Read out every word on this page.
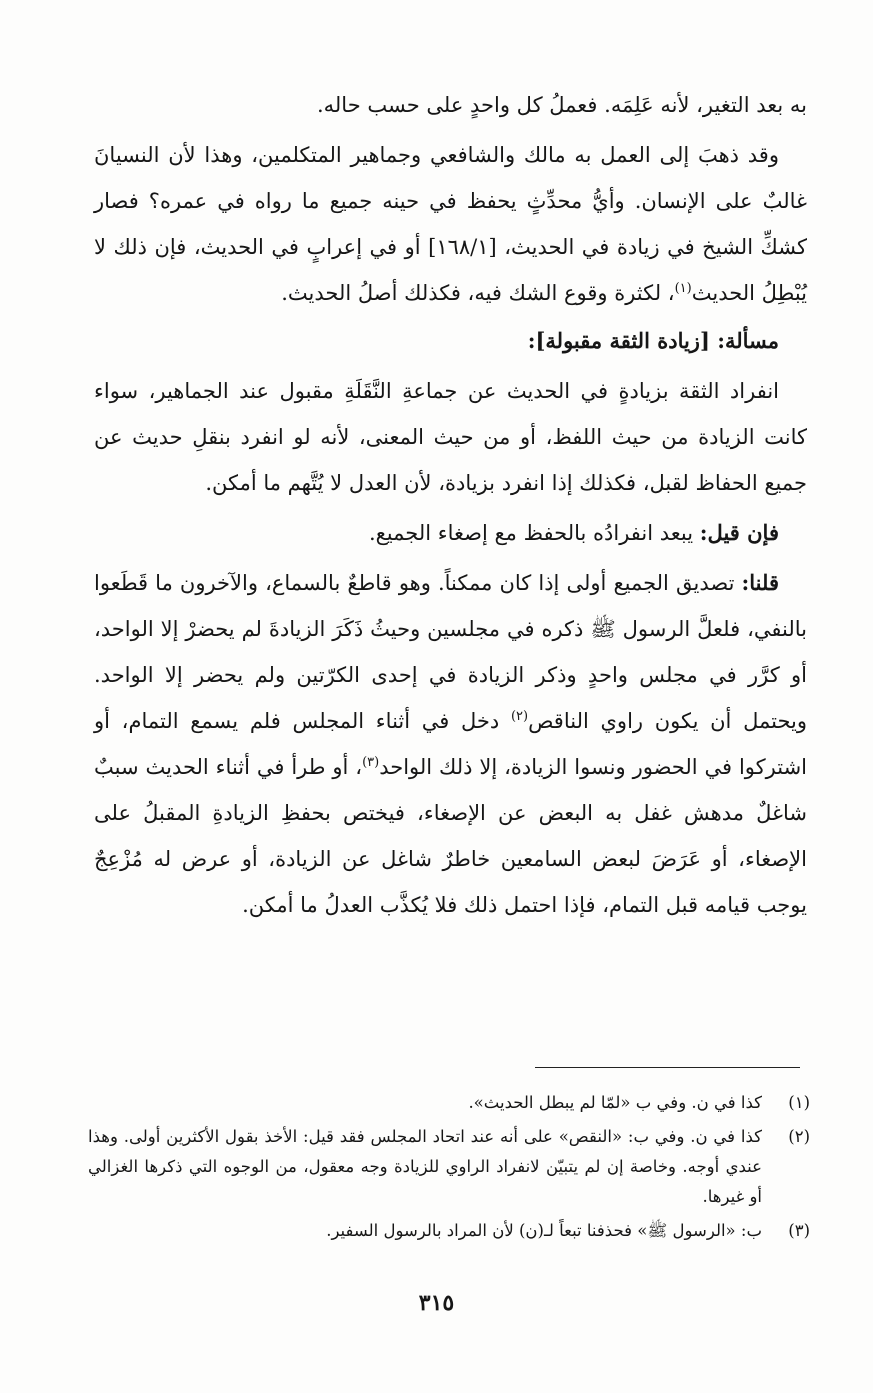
به بعد التغير، لأنه عَلِمَه. فعملُ كل واحدٍ على حسب حاله.

وقد ذهبَ إلى العمل به مالك والشافعي وجماهير المتكلمين، وهذا لأن النسيانَ غالبٌ على الإنسان. وأيُّ محدِّثٍ يحفظ في حينه جميع ما رواه في عمره؟ فصار كشكِّ الشيخ في زيادة في الحديث، [١٦٨/١] أو في إعرابٍ في الحديث، فإن ذلك لا يُبْطِلُ الحديث$^{(١)}$، لكثرة وقوع الشك فيه، فكذلك أصلُ الحديث.

مسألة: [زيادة الثقة مقبولة]:

انفراد الثقة بزيادةٍ في الحديث عن جماعةِ النَّقَلَةِ مقبول عند الجماهير، سواء كانت الزيادة من حيث اللفظ، أو من حيث المعنى، لأنه لو انفرد بنقلِ حديث عن جميع الحفاظ لقبل، فكذلك إذا انفرد بزيادة، لأن العدل لا يُتَّهم ما أمكن.

فإن قيل: يبعد انفرادُه بالحفظ مع إصغاء الجميع.

قلنا: تصديق الجميع أولى إذا كان ممكناً. وهو قاطعٌ بالسماع، والآخرون ما قَطَعوا بالنفي، فلعلَّ الرسول ﷺ ذكره في مجلسين وحيثُ ذَكَرَ الزيادةَ لم يحضرْ إلا الواحد، أو كرَّر في مجلس واحدٍ وذكر الزيادة في إحدى الكرّتين ولم يحضر إلا الواحد. ويحتمل أن يكون راوي الناقص$^{(٢)}$ دخل في أثناء المجلس فلم يسمع التمام، أو اشتركوا في الحضور ونسوا الزيادة، إلا ذلك الواحد$^{(٣)}$، أو طرأ في أثناء الحديث سببٌ شاغلٌ مدهش غفل به البعض عن الإصغاء، فيختص بحفظِ الزيادةِ المقبلُ على الإصغاء، أو عَرَضَ لبعض السامعين خاطرٌ شاغل عن الزيادة، أو عرض له مُزْعِجٌ يوجب قيامه قبل التمام، فإذا احتمل ذلك فلا يُكذَّب العدلُ ما أمكن.

(١)
كذا في ن. وفي ب «لمّا لم يبطل الحديث».
(٢)
كذا في ن. وفي ب: «النقص» على أنه عند اتحاد المجلس فقد قيل: الأخذ بقول الأكثرين أولى. وهذا عندي أوجه. وخاصة إن لم يتبيّن لانفراد الراوي للزيادة وجه معقول، من الوجوه التي ذكرها الغزالي أو غيرها.
(٣)
ب: «الرسول ﷺ» فحذفنا تبعاً لـ(ن) لأن المراد بالرسول السفير.
٣١٥
